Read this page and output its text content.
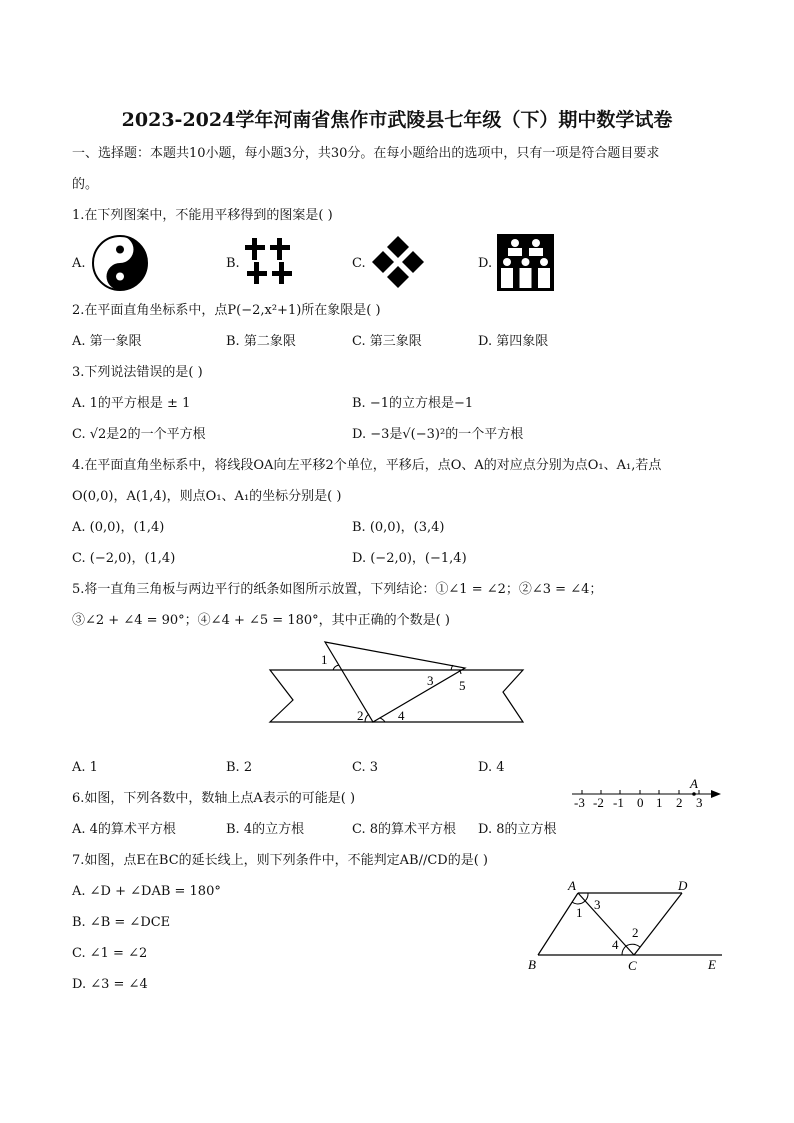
2023-2024学年河南省焦作市武陵县七年级（下）期中数学试卷
一、选择题：本题共10小题，每小题3分，共30分。在每小题给出的选项中，只有一项是符合题目要求
的。
1.在下列图案中，不能用平移得到的图案是( )
A.	B.	C.	D.
2.在平面直角坐标系中，点P(−2,x²+1)所在象限是( )
A. 第一象限	B. 第二象限	C. 第三象限	D. 第四象限
3.下列说法错误的是( )
A. 1的平方根是 ± 1	B. −1的立方根是−1
C. √2是2的一个平方根	D. −3是√(−3)²的一个平方根
4.在平面直角坐标系中，将线段OA向左平移2个单位，平移后，点O、A的对应点分别为点O₁、A₁,若点
O(0,0)，A(1,4)，则点O₁、A₁的坐标分别是( )
A. (0,0)，(1,4)	B. (0,0)，(3,4)
C. (−2,0)，(1,4)	D. (−2,0)，(−1,4)
5.将一直角三角板与两边平行的纸条如图所示放置，下列结论：①∠1 = ∠2；②∠3 = ∠4；
③∠2 + ∠4 = 90°；④∠4 + ∠5 = 180°，其中正确的个数是( )
1
2
3
4
5
A. 1	B. 2	C. 3	D. 4
6.如图，下列各数中，数轴上点A表示的可能是( )
A
-3 -2 -1 0 1 2 3
A. 4的算术平方根	B. 4的立方根	C. 8的算术平方根 D. 8的立方根
7.如图，点E在BC的延长线上，则下列条件中，不能判定AB//CD的是( )
A. ∠D + ∠DAB = 180°
B. ∠B = ∠DCE
C. ∠1 = ∠2
D. ∠3 = ∠4
A	D
B	C	E
1
2
3
4
